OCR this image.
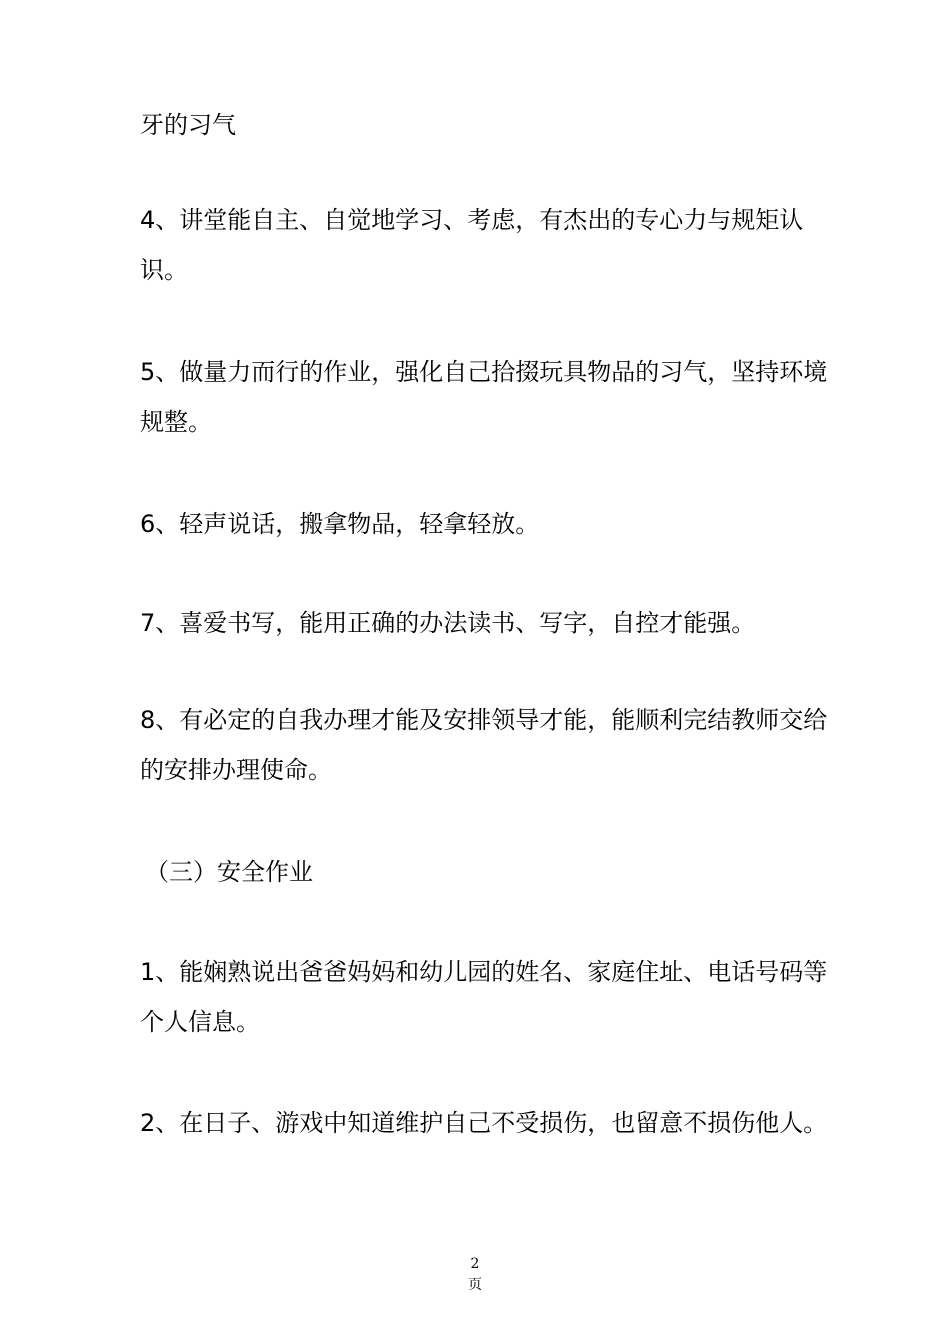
牙的习气

4、讲堂能自主、自觉地学习、考虑，有杰出的专心力与规矩认识。

5、做量力而行的作业，强化自己拾掇玩具物品的习气，坚持环境规整。

6、轻声说话，搬拿物品，轻拿轻放。

7、喜爱书写，能用正确的办法读书、写字，自控才能强。

8、有必定的自我办理才能及安排领导才能，能顺利完结教师交给的安排办理使命。

（三）安全作业

1、能娴熟说出爸爸妈妈和幼儿园的姓名、家庭住址、电话号码等个人信息。

2、在日子、游戏中知道维护自己不受损伤，也留意不损伤他人。

2
页
